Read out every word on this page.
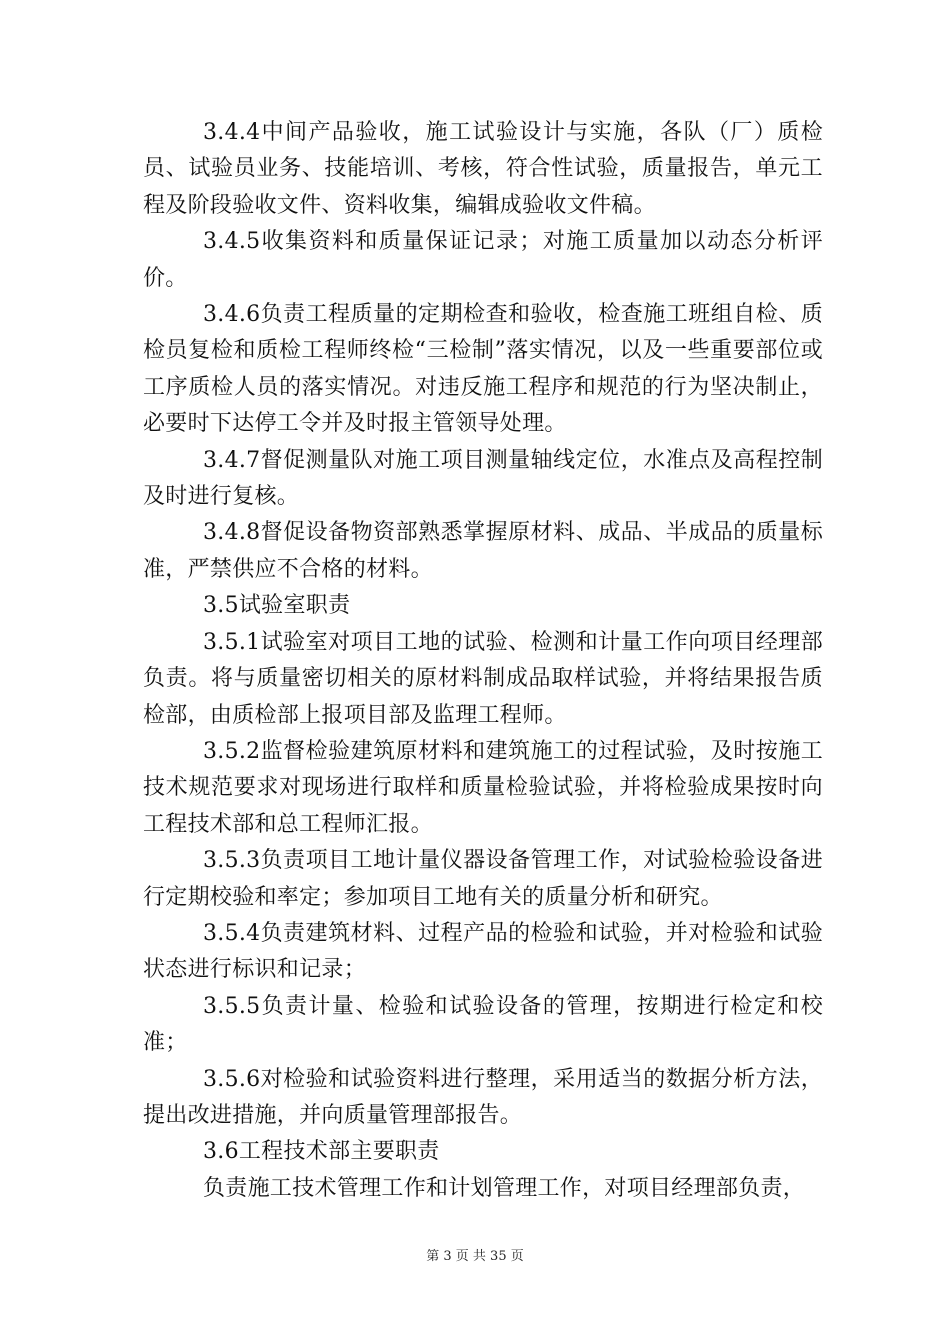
3.4.4中间产品验收，施工试验设计与实施，各队（厂）质检员、试验员业务、技能培训、考核，符合性试验，质量报告，单元工程及阶段验收文件、资料收集，编辑成验收文件稿。

3.4.5收集资料和质量保证记录；对施工质量加以动态分析评价。

3.4.6负责工程质量的定期检查和验收，检查施工班组自检、质检员复检和质检工程师终检“三检制”落实情况，以及一些重要部位或工序质检人员的落实情况。对违反施工程序和规范的行为坚决制止，必要时下达停工令并及时报主管领导处理。

3.4.7督促测量队对施工项目测量轴线定位，水准点及高程控制及时进行复核。

3.4.8督促设备物资部熟悉掌握原材料、成品、半成品的质量标准，严禁供应不合格的材料。

3.5试验室职责

3.5.1试验室对项目工地的试验、检测和计量工作向项目经理部负责。将与质量密切相关的原材料制成品取样试验，并将结果报告质检部，由质检部上报项目部及监理工程师。

3.5.2监督检验建筑原材料和建筑施工的过程试验，及时按施工技术规范要求对现场进行取样和质量检验试验，并将检验成果按时向工程技术部和总工程师汇报。

3.5.3负责项目工地计量仪器设备管理工作，对试验检验设备进行定期校验和率定；参加项目工地有关的质量分析和研究。

3.5.4负责建筑材料、过程产品的检验和试验，并对检验和试验状态进行标识和记录；

3.5.5负责计量、检验和试验设备的管理，按期进行检定和校准；

3.5.6对检验和试验资料进行整理，采用适当的数据分析方法，提出改进措施，并向质量管理部报告。

3.6工程技术部主要职责

负责施工技术管理工作和计划管理工作，对项目经理部负责，

第 3 页 共 35 页
